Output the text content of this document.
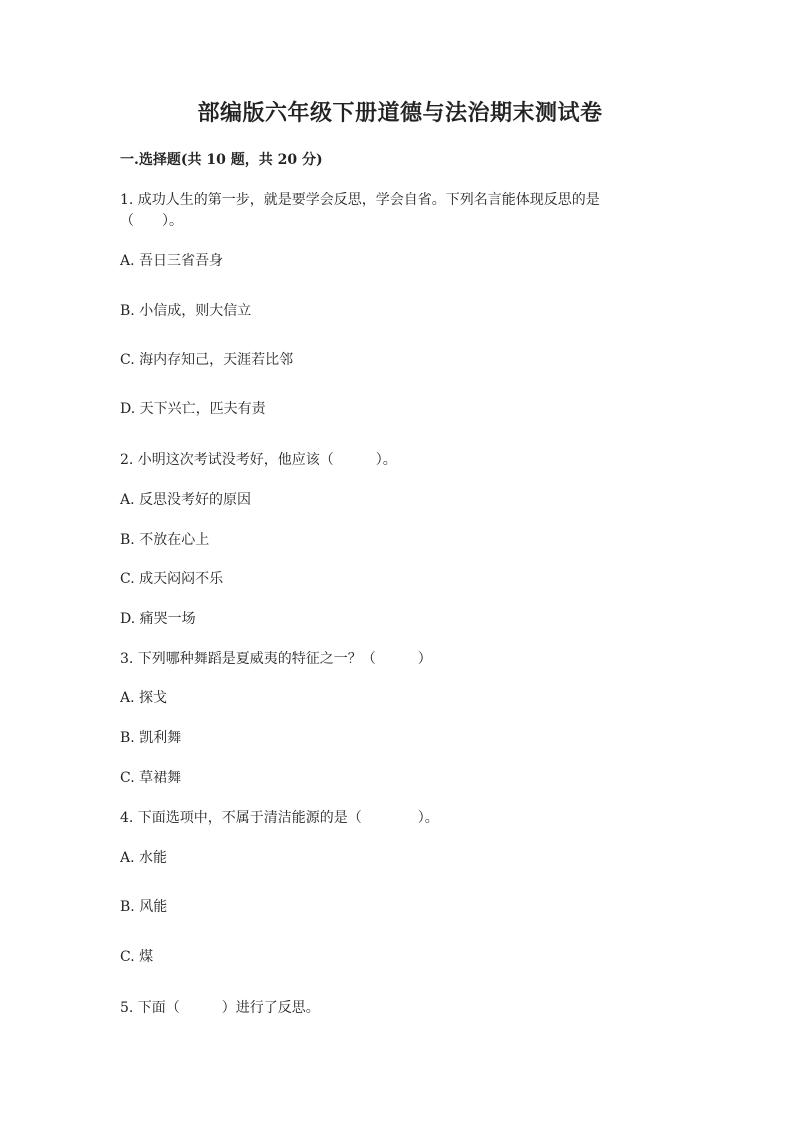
部编版六年级下册道德与法治期末测试卷
一.选择题(共 10 题，共 20 分)
1. 成功人生的第一步，就是要学会反思，学会自省。下列名言能体现反思的是
（　　）。
A. 吾日三省吾身
B. 小信成，则大信立
C. 海内存知己，天涯若比邻
D. 天下兴亡，匹夫有责
2. 小明这次考试没考好，他应该（　　　）。
A. 反思没考好的原因
B. 不放在心上
C. 成天闷闷不乐
D. 痛哭一场
3. 下列哪种舞蹈是夏威夷的特征之一？（　　　）
A. 探戈
B. 凯利舞
C. 草裙舞
4. 下面选项中，不属于清洁能源的是（　　　　）。
A. 水能
B. 风能
C. 煤
5. 下面（　　　）进行了反思。
